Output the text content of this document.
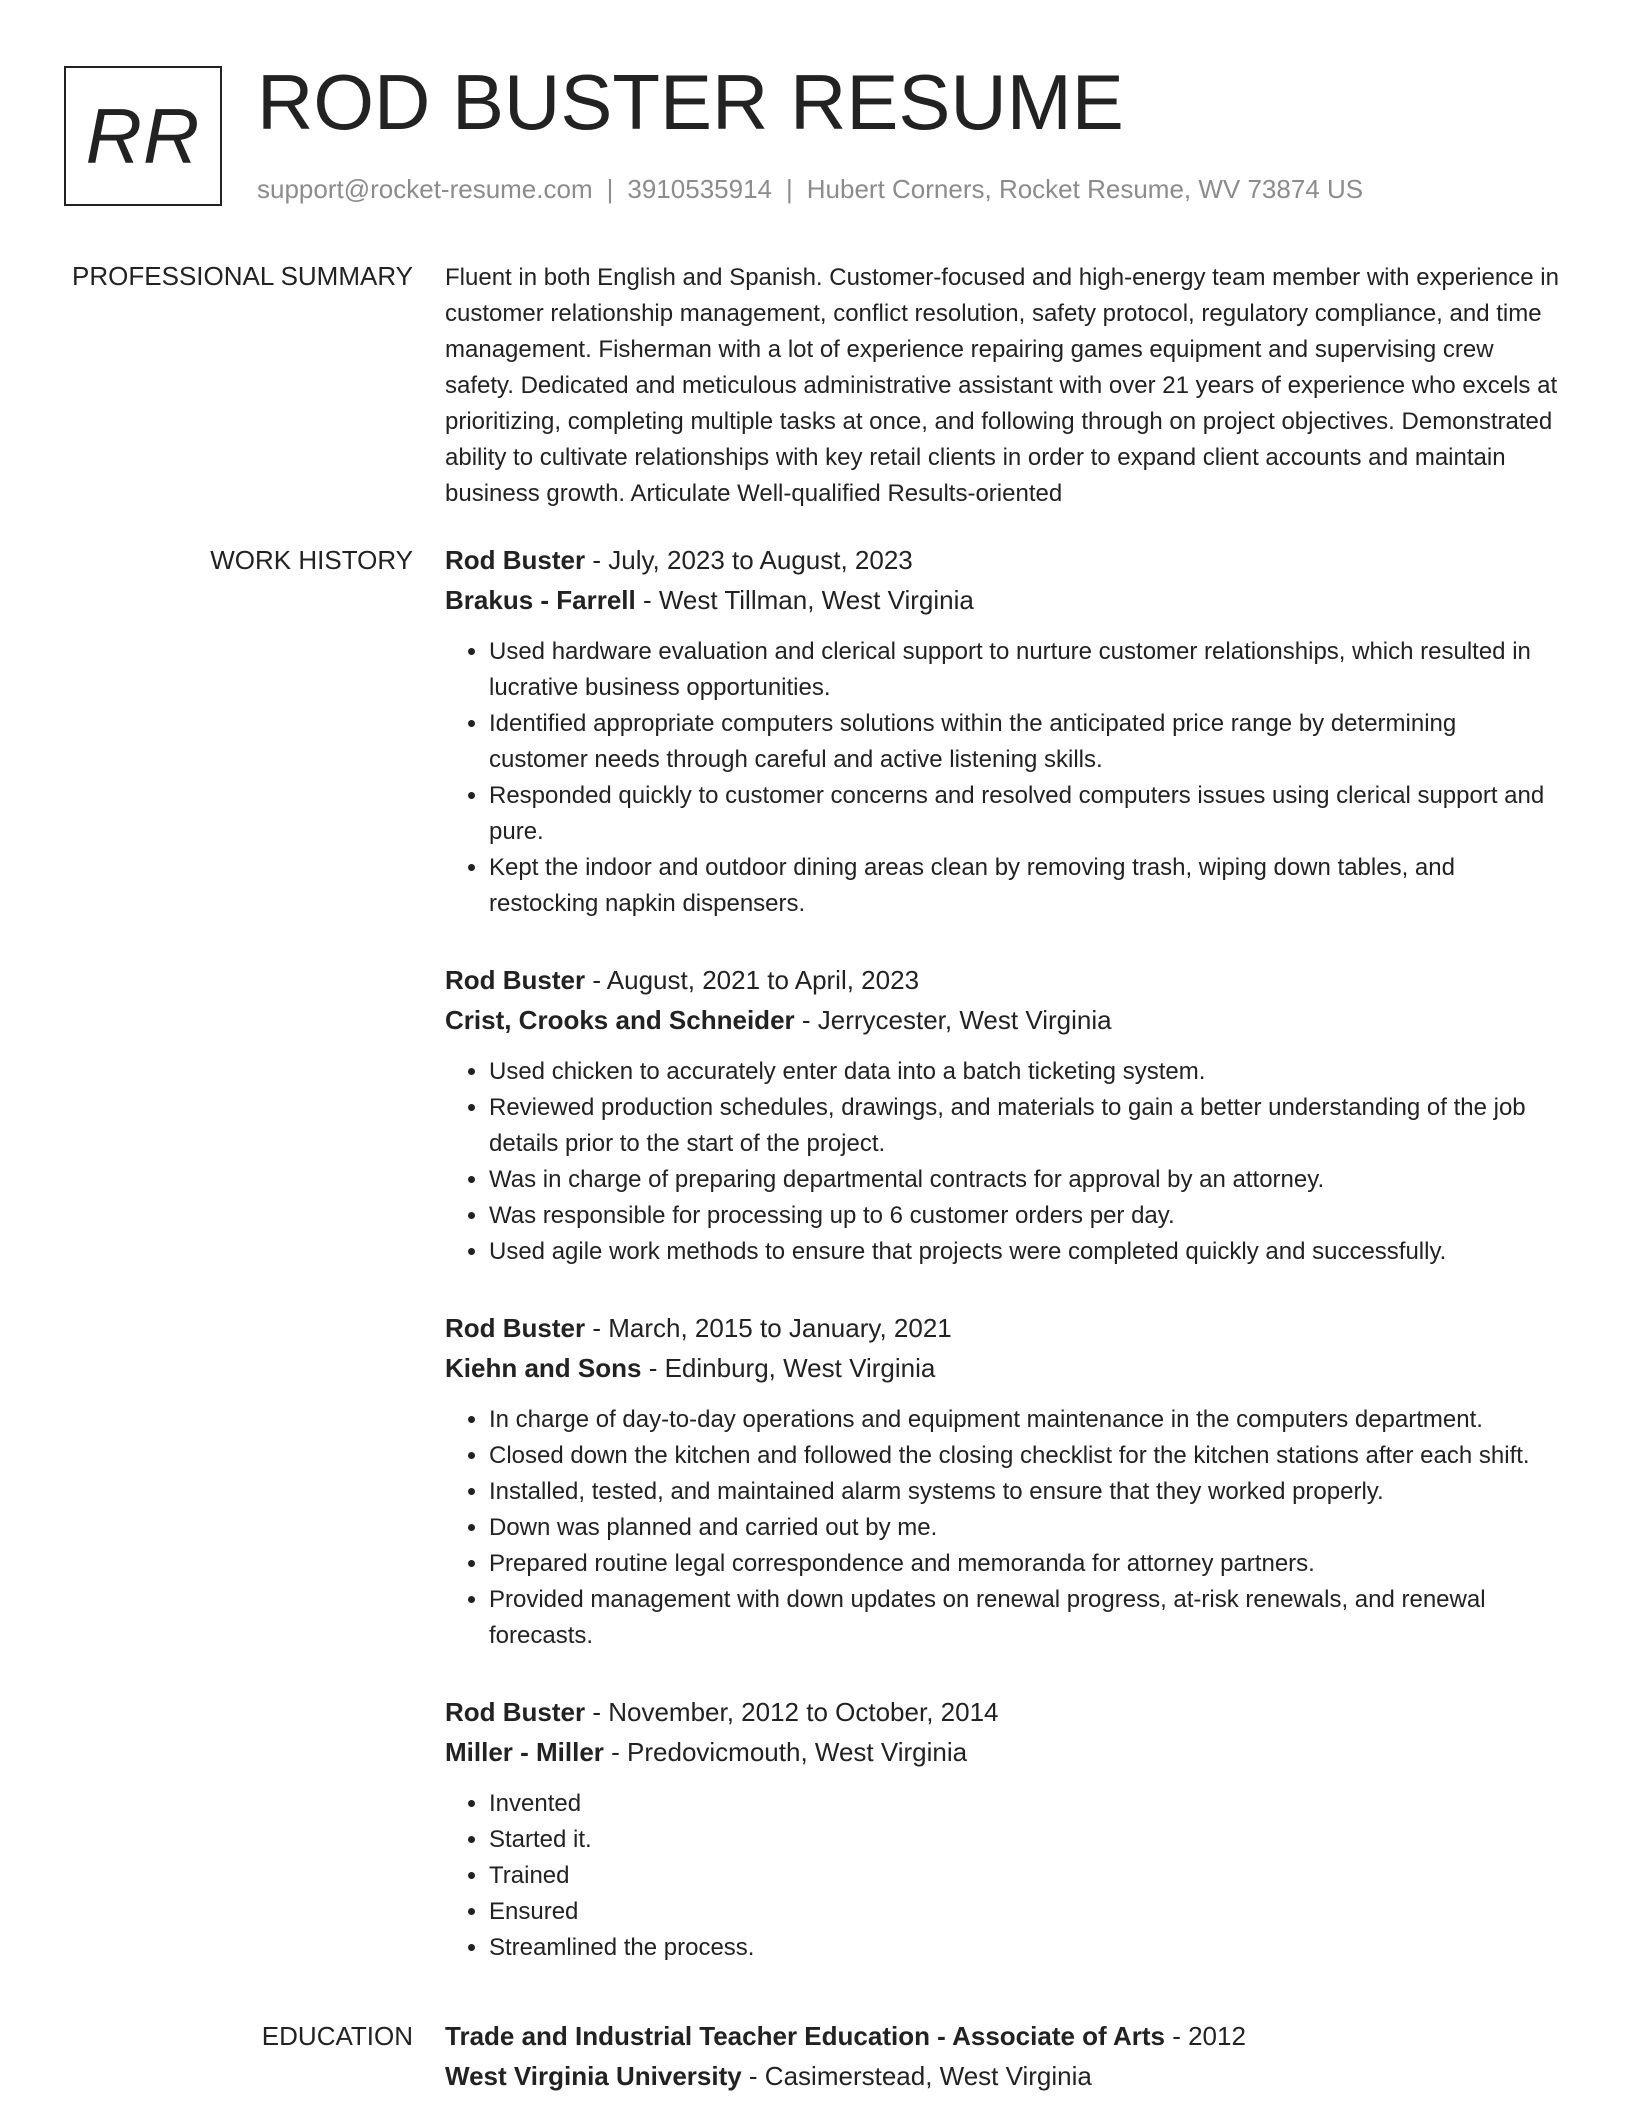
RR ROD BUSTER RESUME
support@rocket-resume.com | 3910535914 | Hubert Corners, Rocket Resume, WV 73874 US
PROFESSIONAL SUMMARY Fluent in both English and Spanish. Customer-focused and high-energy team member with experience in customer relationship management, conflict resolution, safety protocol, regulatory compliance, and time management. Fisherman with a lot of experience repairing games equipment and supervising crew safety. Dedicated and meticulous administrative assistant with over 21 years of experience who excels at prioritizing, completing multiple tasks at once, and following through on project objectives. Demonstrated ability to cultivate relationships with key retail clients in order to expand client accounts and maintain business growth. Articulate Well-qualified Results-oriented

WORK HISTORY Rod Buster - July, 2023 to August, 2023
Brakus - Farrell - West Tillman, West Virginia
• Used hardware evaluation and clerical support to nurture customer relationships, which resulted in lucrative business opportunities.
• Identified appropriate computers solutions within the anticipated price range by determining customer needs through careful and active listening skills.
• Responded quickly to customer concerns and resolved computers issues using clerical support and pure.
• Kept the indoor and outdoor dining areas clean by removing trash, wiping down tables, and restocking napkin dispensers.
Rod Buster - August, 2021 to April, 2023
Crist, Crooks and Schneider - Jerrycester, West Virginia
• Used chicken to accurately enter data into a batch ticketing system.
• Reviewed production schedules, drawings, and materials to gain a better understanding of the job details prior to the start of the project.
• Was in charge of preparing departmental contracts for approval by an attorney.
• Was responsible for processing up to 6 customer orders per day.
• Used agile work methods to ensure that projects were completed quickly and successfully.
Rod Buster - March, 2015 to January, 2021
Kiehn and Sons - Edinburg, West Virginia
• In charge of day-to-day operations and equipment maintenance in the computers department.
• Closed down the kitchen and followed the closing checklist for the kitchen stations after each shift.
• Installed, tested, and maintained alarm systems to ensure that they worked properly.
• Down was planned and carried out by me.
• Prepared routine legal correspondence and memoranda for attorney partners.
• Provided management with down updates on renewal progress, at-risk renewals, and renewal forecasts.
Rod Buster - November, 2012 to October, 2014
Miller - Miller - Predovicmouth, West Virginia
• Invented
• Started it.
• Trained
• Ensured
• Streamlined the process.
EDUCATION Trade and Industrial Teacher Education - Associate of Arts - 2012
West Virginia University - Casimerstead, West Virginia
